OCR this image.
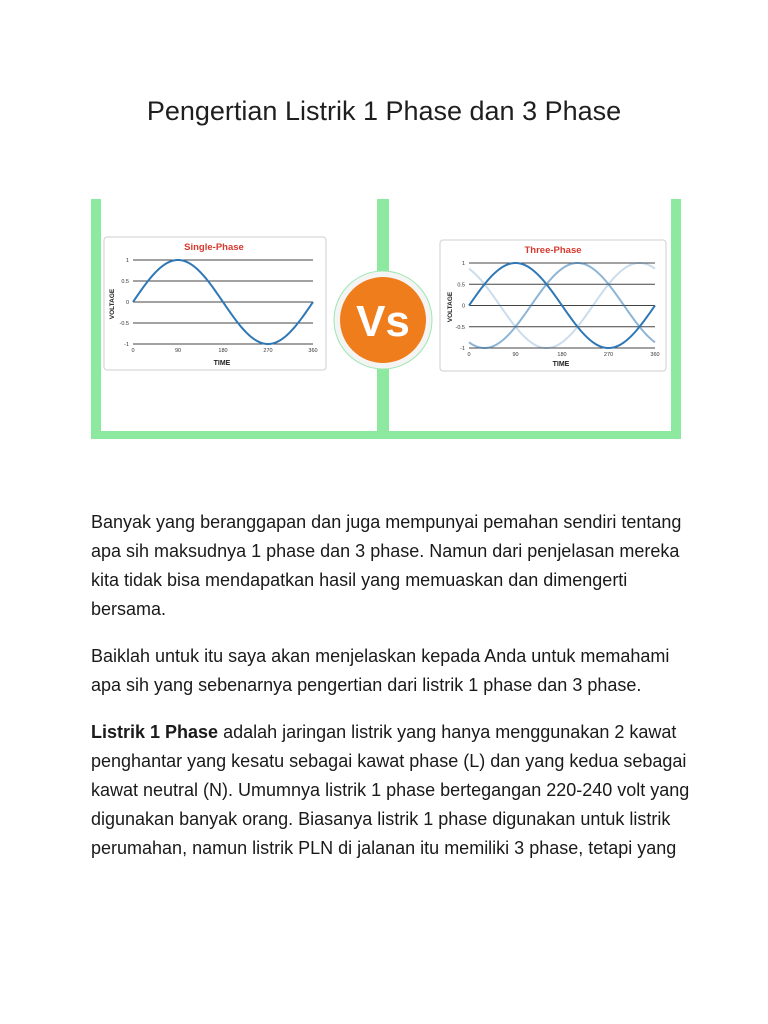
Pengertian Listrik 1 Phase dan 3 Phase
Single-Phase
1
0.5
0
-0.5
-1
0	90	180	270	360
TIME
VOLTAGE	Vs
Three-Phase
1
0.5
0
-0.5
-1
0	90	180	270	360
TIME
VOLTAGE

Banyak yang beranggapan dan juga mempunyai pemahan sendiri tentang apa sih maksudnya 1 phase dan 3 phase. Namun dari penjelasan mereka kita tidak bisa mendapatkan hasil yang memuaskan dan dimengerti bersama.

Baiklah untuk itu saya akan menjelaskan kepada Anda untuk memahami apa sih yang sebenarnya pengertian dari listrik 1 phase dan 3 phase.

Listrik 1 Phase adalah jaringan listrik yang hanya menggunakan 2 kawat penghantar yang kesatu sebagai kawat phase (L) dan yang kedua sebagai kawat neutral (N). Umumnya listrik 1 phase bertegangan 220-240 volt yang digunakan banyak orang. Biasanya listrik 1 phase digunakan untuk listrik perumahan, namun listrik PLN di jalanan itu memiliki 3 phase, tetapi yang
